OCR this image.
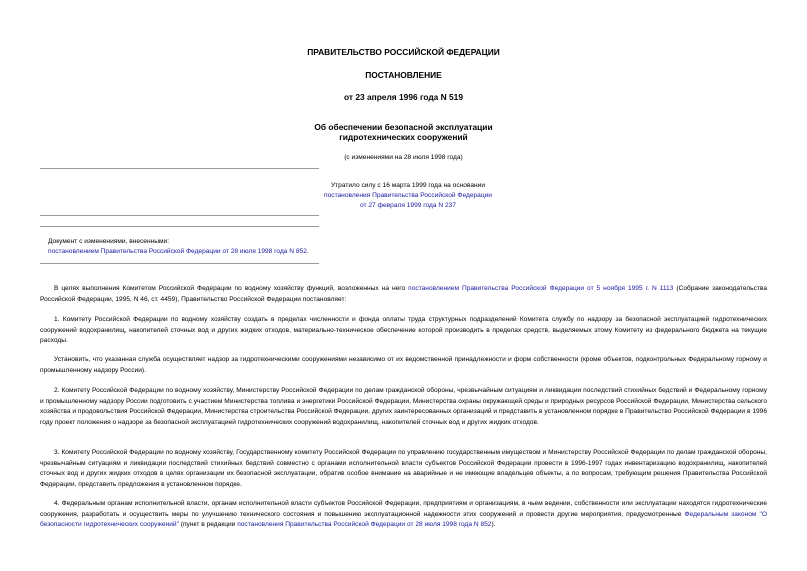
ПРАВИТЕЛЬСТВО РОССИЙСКОЙ ФЕДЕРАЦИИ
ПОСТАНОВЛЕНИЕ
от 23 апреля 1996 года N 519
Об обеспечении безопасной эксплуатации
гидротехнических сооружений
(с изменениями на 28 июля 1998 года)
Утратило силу с 16 марта 1999 года на основании
постановления Правительства Российской Федерации
от 27 февраля 1999 года N 237
Документ с изменениями, внесенными:
постановлением Правительства Российской Федерации от 28 июля 1998 года N 852.
В целях выполнения Комитетом Российской Федерации по водному хозяйству функций, возложенных на него постановлением Правительства Российской Федерации от 5 ноября 1995 г. N 1113 (Собрание законодательства Российской Федерации, 1995, N 46, ст. 4459), Правительство Российской Федерации постановляет:
1. Комитету Российской Федерации по водному хозяйству создать в пределах численности и фонда оплаты труда структурных подразделений Комитета службу по надзору за безопасной эксплуатацией гидротехнических сооружений водохранилищ, накопителей сточных вод и других жидких отходов, материально-техническое обеспечение которой производить в пределах средств, выделяемых этому Комитету из федерального бюджета на текущие расходы.
Установить, что указанная служба осуществляет надзор за гидротехническими сооружениями независимо от их ведомственной принадлежности и форм собственности (кроме объектов, подконтрольных Федеральному горному и промышленному надзору России).
2. Комитету Российской Федерации по водному хозяйству, Министерству Российской Федерации по делам гражданской обороны, чрезвычайным ситуациям и ликвидации последствий стихийных бедствий и Федеральному горному и промышленному надзору России подготовить с участием Министерства топлива и энергетики Российской Федерации, Министерства охраны окружающей среды и природных ресурсов Российской Федерации, Министерства сельского хозяйства и продовольствия Российской Федерации, Министерства строительства Российской Федерации, других заинтересованных организаций и представить в установленном порядке в Правительство Российской Федерации в 1996 году проект положения о надзоре за безопасной эксплуатацией гидротехнических сооружений водохранилищ, накопителей сточных вод и других жидких отходов.
3. Комитету Российской Федерации по водному хозяйству, Государственному комитету Российской Федерации по управлению государственным имуществом и Министерству Российской Федерации по делам гражданской обороны, чрезвычайным ситуациям и ликвидации последствий стихийных бедствий совместно с органами исполнительной власти субъектов Российской Федерации провести в 1996-1997 годах инвентаризацию водохранилищ, накопителей сточных вод и других жидких отходов в целях организации их безопасной эксплуатации, обратив особое внимание на аварийные и не имеющие владельцев объекты, а по вопросам, требующим решения Правительства Российской Федерации, представить предложения в установленном порядке.
4. Федеральным органам исполнительной власти, органам исполнительной власти субъектов Российской Федерации, предприятиям и организациям, в чьем ведении, собственности или эксплуатации находятся гидротехнические сооружения, разработать и осуществить меры по улучшению технического состояния и повышению эксплуатационной надежности этих сооружений и провести другие мероприятия, предусмотренные Федеральным законом "О безопасности гидротехнических сооружений" (пункт в редакции постановления Правительства Российской Федерации от 28 июля 1998 года N 852).
